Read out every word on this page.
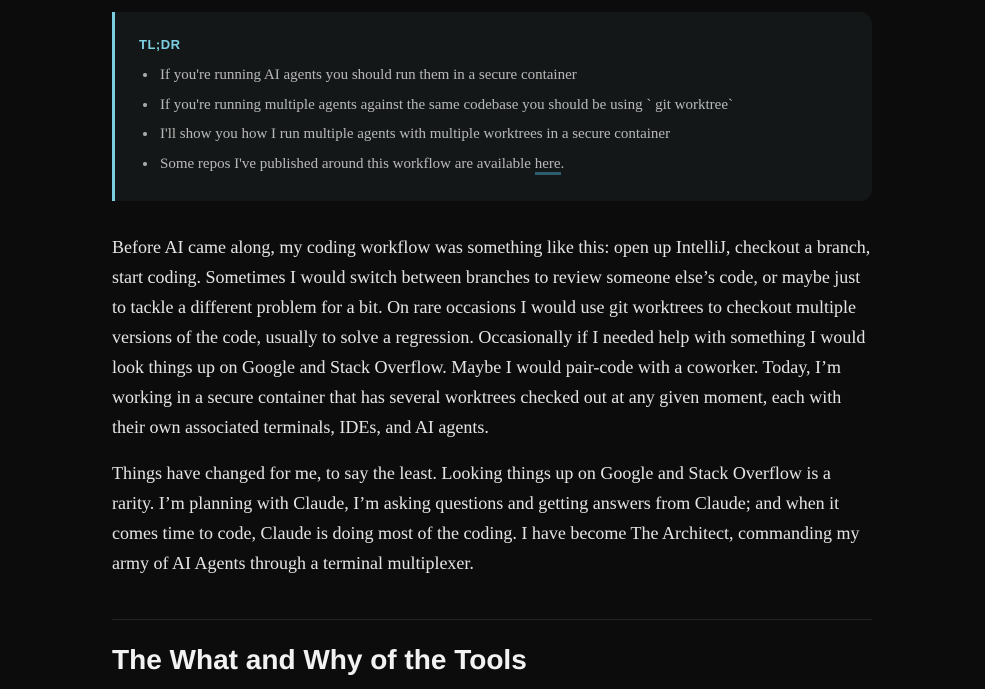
TL;DR
If you're running AI agents you should run them in a secure container
If you're running multiple agents against the same codebase you should be using ` git worktree`
I'll show you how I run multiple agents with multiple worktrees in a secure container
Some repos I've published around this workflow are available here.

Before AI came along, my coding workflow was something like this: open up IntelliJ, checkout a branch, start coding. Sometimes I would switch between branches to review someone else’s code, or maybe just to tackle a different problem for a bit. On rare occasions I would use git worktrees to checkout multiple versions of the code, usually to solve a regression. Occasionally if I needed help with something I would look things up on Google and Stack Overflow. Maybe I would pair-code with a coworker. Today, I’m working in a secure container that has several worktrees checked out at any given moment, each with their own associated terminals, IDEs, and AI agents.

Things have changed for me, to say the least. Looking things up on Google and Stack Overflow is a rarity. I’m planning with Claude, I’m asking questions and getting answers from Claude; and when it comes time to code, Claude is doing most of the coding. I have become The Architect, commanding my army of AI Agents through a terminal multiplexer.

The What and Why of the Tools
